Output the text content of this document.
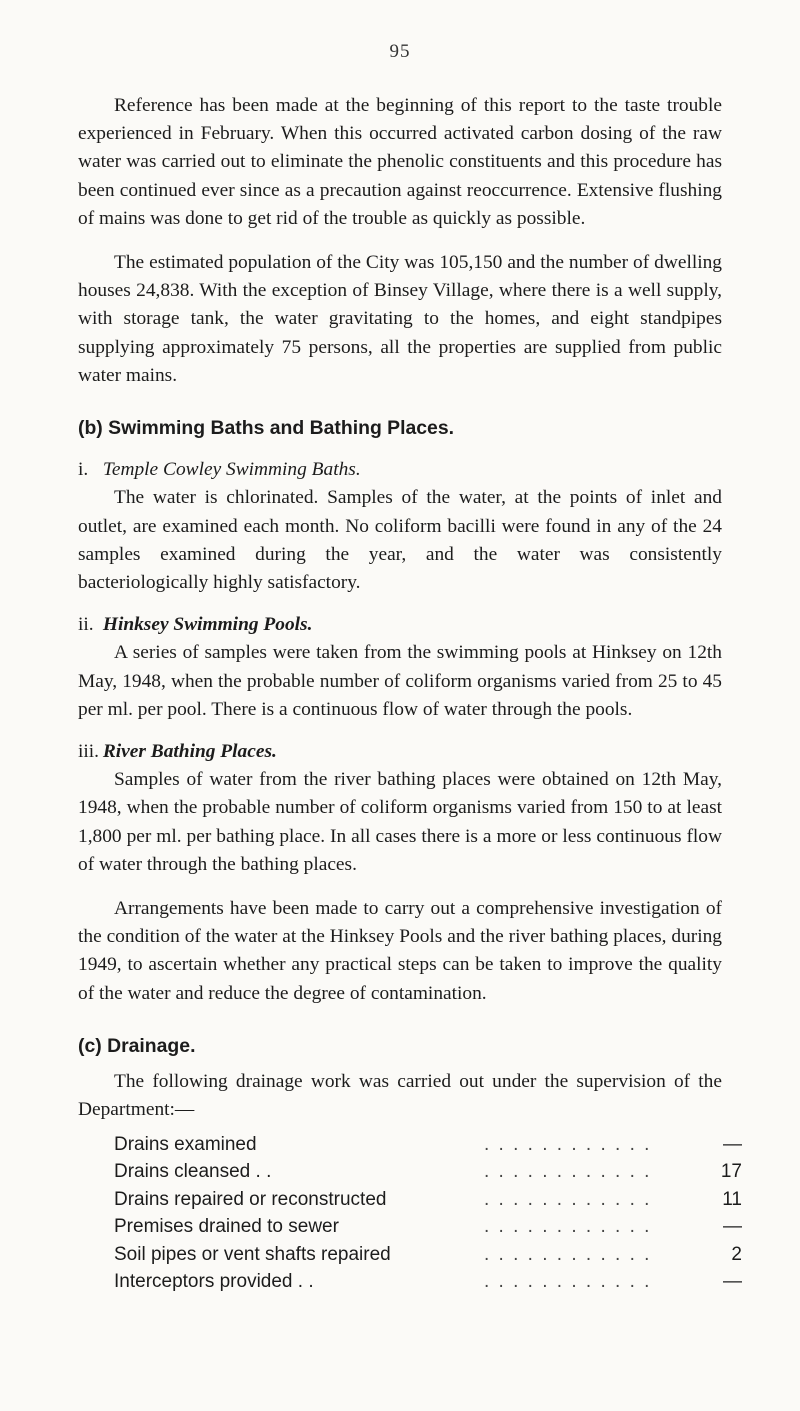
95

Reference has been made at the beginning of this report to the taste trouble experienced in February. When this occurred activated carbon dosing of the raw water was carried out to eliminate the phenolic constituents and this procedure has been continued ever since as a precaution against reoccurrence. Extensive flushing of mains was done to get rid of the trouble as quickly as possible.

The estimated population of the City was 105,150 and the number of dwelling houses 24,838. With the exception of Binsey Village, where there is a well supply, with storage tank, the water gravitating to the homes, and eight standpipes supplying approximately 75 persons, all the properties are supplied from public water mains.

(b) Swimming Baths and Bathing Places.
i. Temple Cowley Swimming Baths.

The water is chlorinated. Samples of the water, at the points of inlet and outlet, are examined each month. No coliform bacilli were found in any of the 24 samples examined during the year, and the water was consistently bacteriologically highly satisfactory.

ii. Hinksey Swimming Pools.

A series of samples were taken from the swimming pools at Hinksey on 12th May, 1948, when the probable number of coliform organisms varied from 25 to 45 per ml. per pool. There is a continuous flow of water through the pools.

iii. River Bathing Places.

Samples of water from the river bathing places were obtained on 12th May, 1948, when the probable number of coliform organisms varied from 150 to at least 1,800 per ml. per bathing place. In all cases there is a more or less continuous flow of water through the bathing places.

Arrangements have been made to carry out a comprehensive investigation of the condition of the water at the Hinksey Pools and the river bathing places, during 1949, to ascertain whether any practical steps can be taken to improve the quality of the water and reduce the degree of contamination.

(c) Drainage.

The following drainage work was carried out under the supervision of the Department:—

Drains examined	. . . . . . . . . . . .	—
Drains cleansed . .	. . . . . . . . . . . .	17
Drains repaired or reconstructed	. . . . . . . . . . . .	11
Premises drained to sewer	. . . . . . . . . . . .	—
Soil pipes or vent shafts repaired	. . . . . . . . . . . .	2
Interceptors provided . .	. . . . . . . . . . . .	—
